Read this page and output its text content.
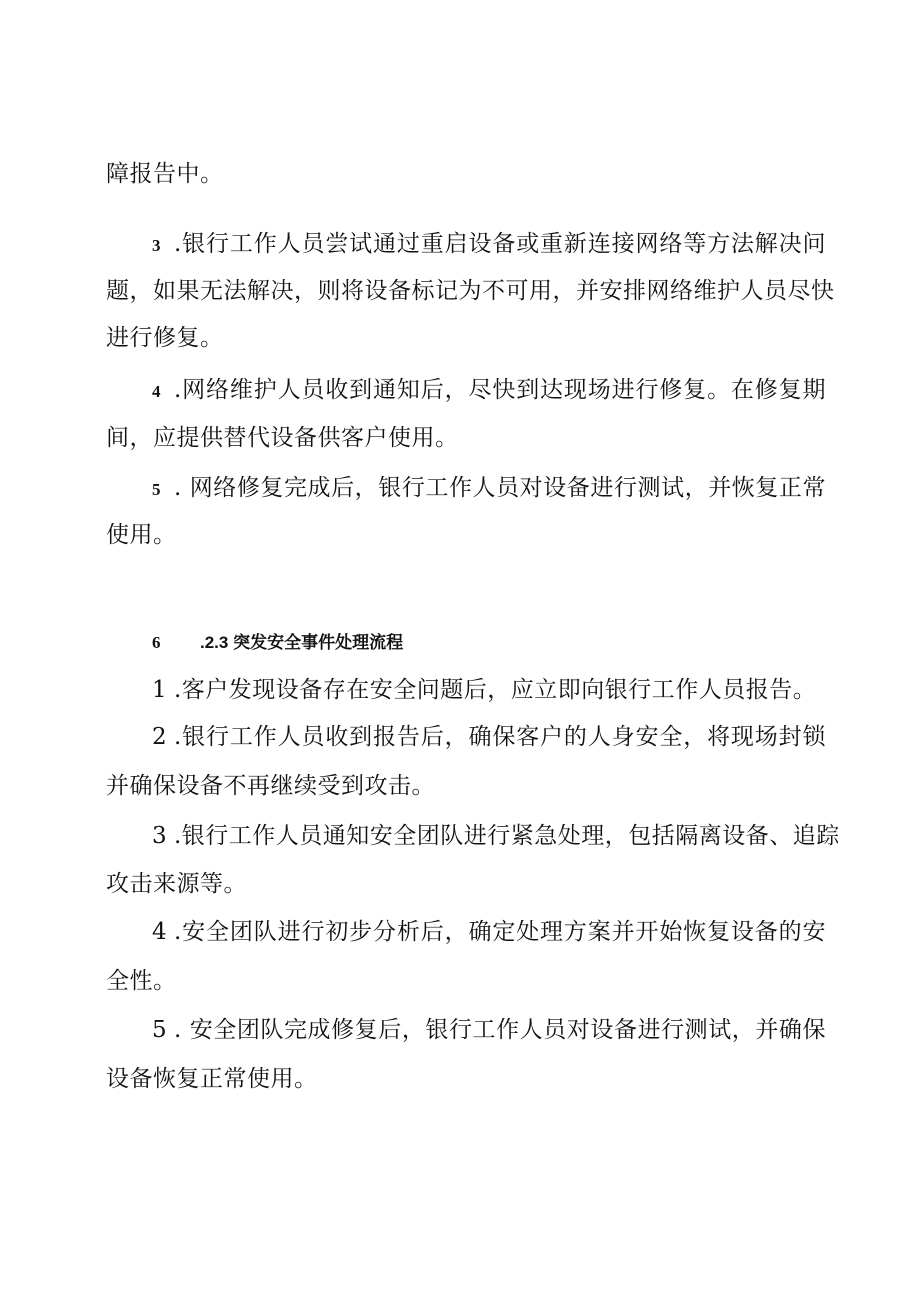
障报告中。
3 .银行工作人员尝试通过重启设备或重新连接网络等方法解决问
题，如果无法解决，则将设备标记为不可用，并安排网络维护人员尽快
进行修复。
4 .网络维护人员收到通知后，尽快到达现场进行修复。在修复期
间，应提供替代设备供客户使用。
5 . 网络修复完成后，银行工作人员对设备进行测试，并恢复正常
使用。
6 .2.3 突发安全事件处理流程
1 .客户发现设备存在安全问题后，应立即向银行工作人员报告。
2 .银行工作人员收到报告后，确保客户的人身安全，将现场封锁
并确保设备不再继续受到攻击。
3 .银行工作人员通知安全团队进行紧急处理，包括隔离设备、追踪
攻击来源等。
4 .安全团队进行初步分析后，确定处理方案并开始恢复设备的安
全性。
5 . 安全团队完成修复后，银行工作人员对设备进行测试，并确保
设备恢复正常使用。
